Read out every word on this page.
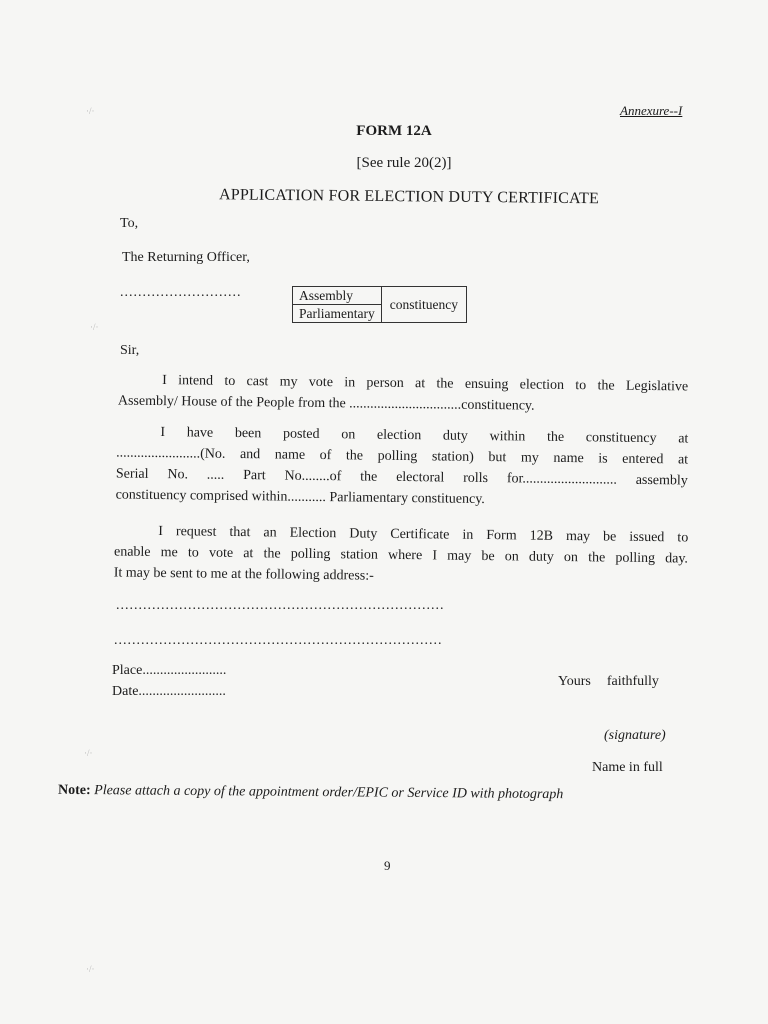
·/·
·/·
·/·
·/·
Annexure--I
FORM 12A
[See rule 20(2)]
APPLICATION FOR ELECTION DUTY CERTIFICATE
To,
The Returning Officer,
...........................	Assembly	constituency
Parliamentary
Sir,
I intend to cast my vote in person at the ensuing election to the Legislative
Assembly/ House of the People from the ................................constituency.
I have been posted on election duty within the constituency at
........................(No. and name of the polling station) but my name is entered at
Serial No. ..... Part No........of the electoral rolls for........................... assembly
constituency comprised within........... Parliamentary constituency.
I request that an Election Duty Certificate in Form 12B may be issued to
enable me to vote at the polling station where I may be on duty on the polling day.
It may be sent to me at the following address:-
.........................................................................
.........................................................................
Place........................
Date.........................
Yours faithfully
(signature)
Name in full
Note: Please attach a copy of the appointment order/EPIC or Service ID with photograph
9
